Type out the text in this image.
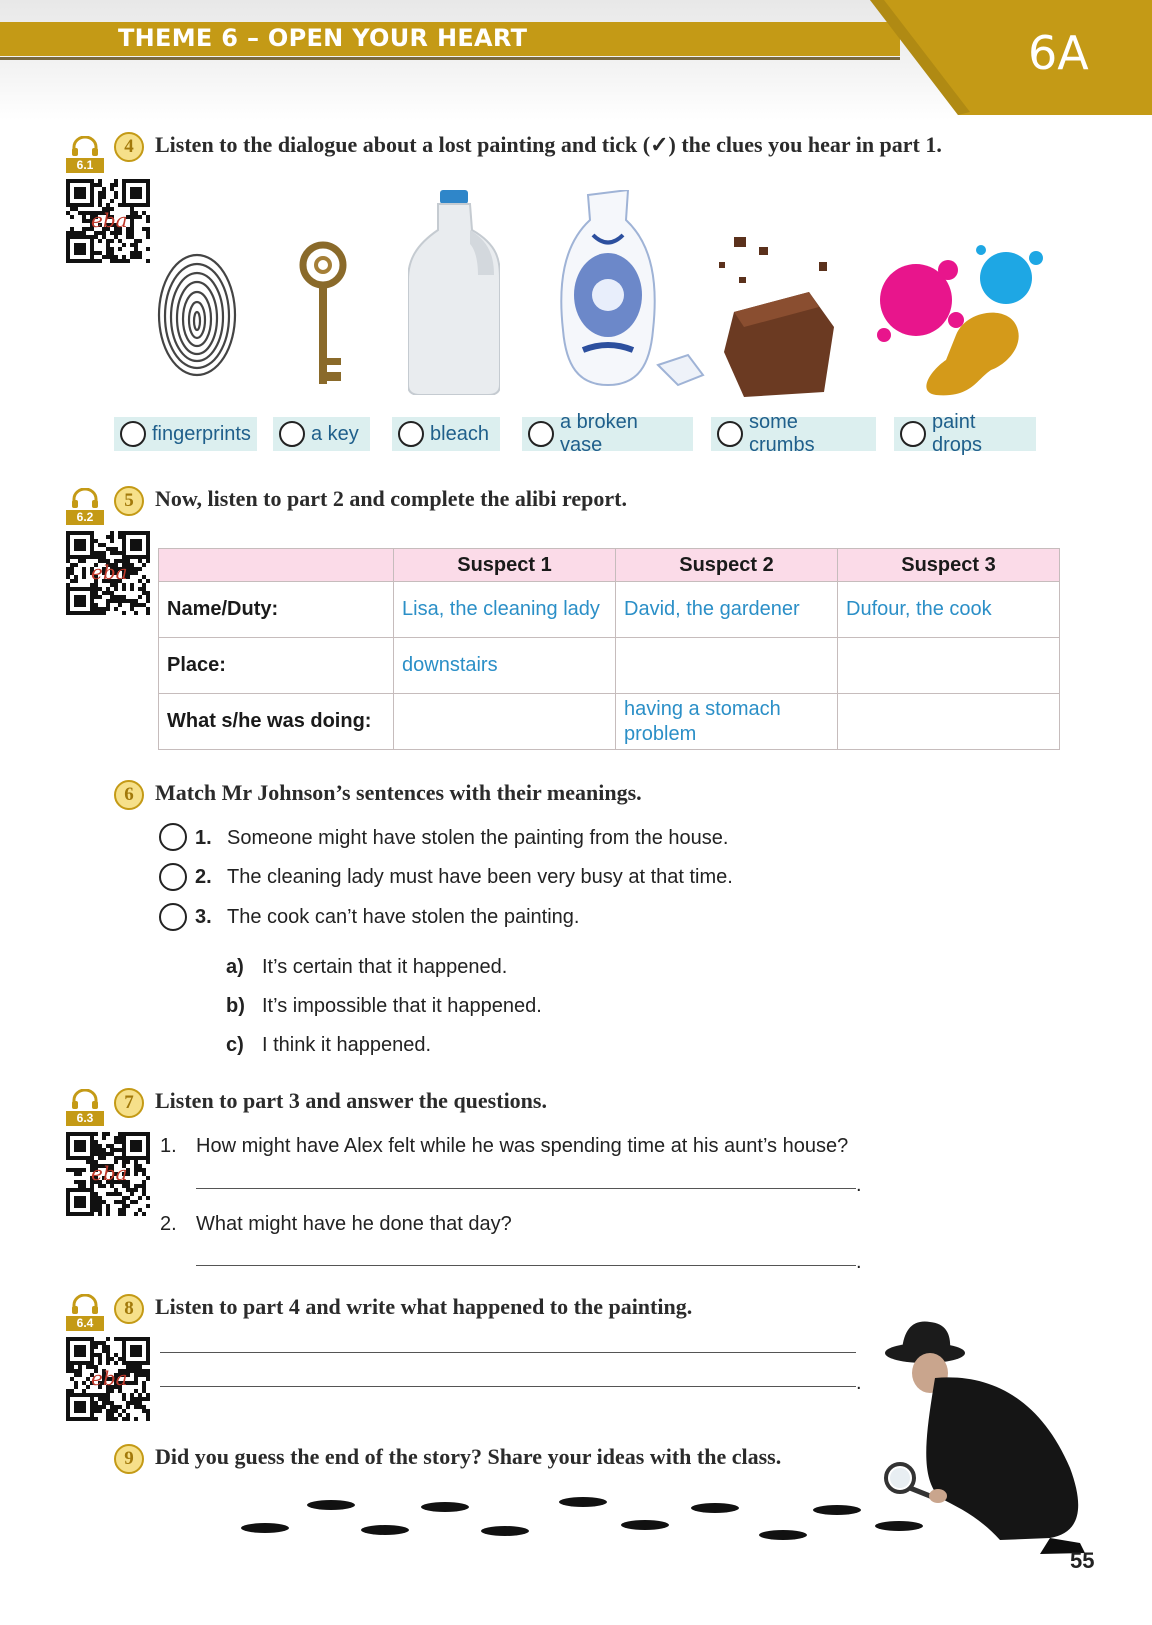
THEME 6 – OPEN YOUR HEART	6A
6.1
eba
4 Listen to the dialogue about a lost painting and tick (✓) the clues you hear in part 1.
fingerprints	a key	bleach
a broken vase
some crumbs
paint drops
6.2
eba
5 Now, listen to part 2 and complete the alibi report.
	Suspect 1	Suspect 2	Suspect 3
Name/Duty:	Lisa, the cleaning lady	David, the gardener	Dufour, the cook
Place:	downstairs		
What s/he was doing:		having a stomach problem	
6 Match Mr Johnson’s sentences with their meanings.
1. Someone might have stolen the painting from the house.
2. The cleaning lady must have been very busy at that time.
3. The cook can’t have stolen the painting.
a) It’s certain that it happened.
b) It’s impossible that it happened.
c) I think it happened.
6.3
eba
7 Listen to part 3 and answer the questions.
1. How might have Alex felt while he was spending time at his aunt’s house?
.
2. What might have he done that day?
.
6.4
eba
8 Listen to part 4 and write what happened to the painting.
.
9 Did you guess the end of the story? Share your ideas with the class.
55
